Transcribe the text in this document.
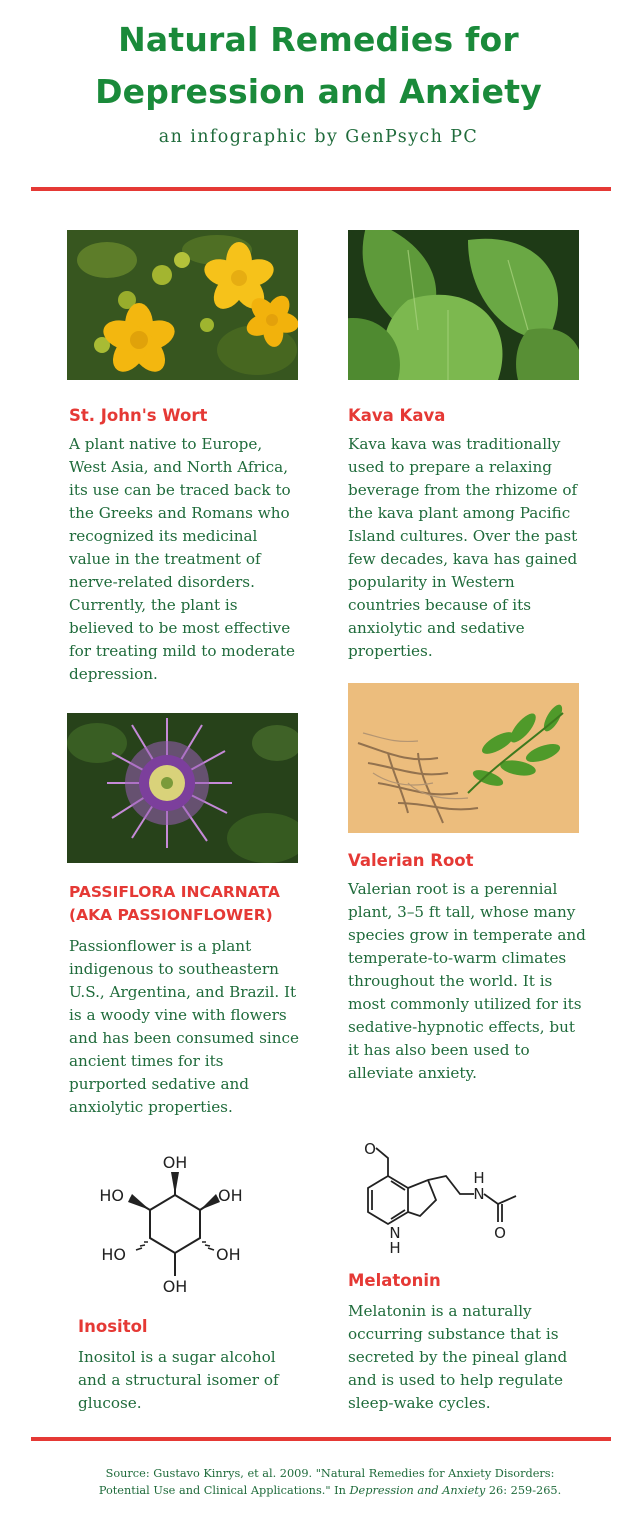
Natural Remedies for
Depression and Anxiety
an infographic by GenPsych PC
St. John's Wort
A plant native to Europe, West Asia, and North Africa, its use can be traced back to the Greeks and Romans who recognized its medicinal value in the treatment of nerve-related disorders. Currently, the plant is believed to be most effective for treating mild to moderate depression.
Kava Kava
Kava kava was traditionally used to prepare a relaxing beverage from the rhizome of the kava plant among Pacific Island cultures. Over the past few decades, kava has gained popularity in Western countries because of its anxiolytic and sedative properties.
Valerian Root
Valerian root is a perennial plant, 3–5 ft tall, whose many species grow in temperate and temperate-to-warm climates throughout the world. It is most commonly utilized for its sedative-hypnotic effects, but it has also been used to alleviate anxiety.
PASSIFLORA INCARNATA
(AKA PASSIONFLOWER)
Passionflower is a plant indigenous to southeastern U.S., Argentina, and Brazil. It is a woody vine with flowers and has been consumed since ancient times for its purported sedative and anxiolytic properties.
OH
HO	OH
HO	OH
OH
O
N
H
N
H
O
Melatonin
Melatonin is a naturally occurring substance that is secreted by the pineal gland and is used to help regulate sleep-wake cycles.
Inositol
Inositol is a sugar alcohol and a structural isomer of glucose.
Source: Gustavo Kinrys, et al. 2009. "Natural Remedies for Anxiety Disorders:
Potential Use and Clinical Applications." In Depression and Anxiety 26: 259-265.
